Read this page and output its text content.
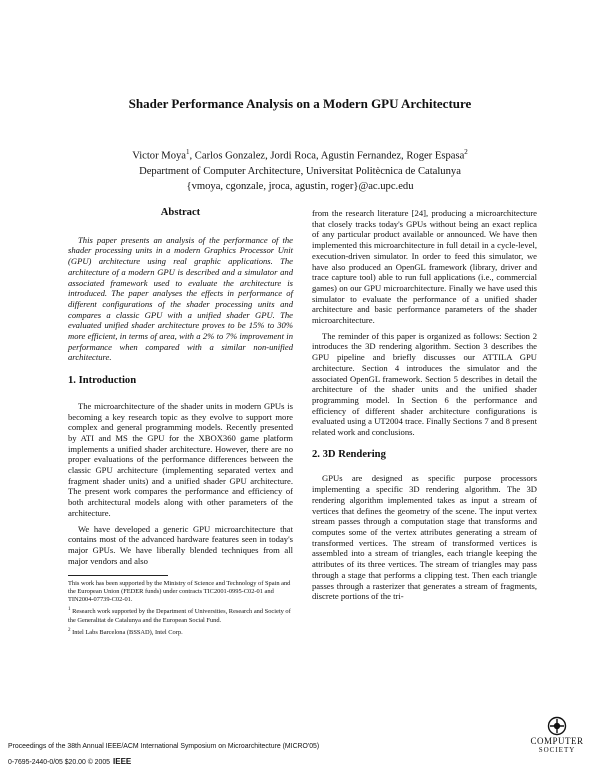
Shader Performance Analysis on a Modern GPU Architecture
Victor Moya$^1$, Carlos Gonzalez, Jordi Roca, Agustin Fernandez, Roger Espasa$^2$
Department of Computer Architecture, Universitat Politècnica de Catalunya
{vmoya, cgonzale, jroca, agustin, roger}@ac.upc.edu
Abstract
This paper presents an analysis of the performance of the shader processing units in a modern Graphics Processor Unit (GPU) architecture using real graphic applications. The architecture of a modern GPU is described and a simulator and associated framework used to evaluate the architecture is introduced. The paper analyses the effects in performance of different configurations of the shader processing units and compares a classic GPU with a unified shader GPU. The evaluated unified shader architecture proves to be 15% to 30% more efficient, in terms of area, with a 2% to 7% improvement in performance when compared with a similar non-unified architecture.
1. Introduction

The microarchitecture of the shader units in modern GPUs is becoming a key research topic as they evolve to support more complex and general programming models. Recently presented by ATI and MS the GPU for the XBOX360 game platform implements a unified shader architecture. However, there are no proper evaluations of the performance differences between the classic GPU architecture (implementing separated vertex and fragment shader units) and a unified shader GPU architecture. The present work compares the performance and efficiency of both architectural models along with other parameters of the architecture.

We have developed a generic GPU microarchitecture that contains most of the advanced hardware features seen in today's major GPUs. We have liberally blended techniques from all major vendors and also

This work has been supported by the Ministry of Science and Technology of Spain and the European Union (FEDER funds) under contracts TIC2001-0995-C02-01 and TIN2004-07739-C02-01.
$^1$ Research work supported by the Department of Universities, Research and Society of the Generalitat de Catalunya and the European Social Fund.
$^2$ Intel Labs Barcelona (BSSAD), Intel Corp.

from the research literature [24], producing a microarchitecture that closely tracks today's GPUs without being an exact replica of any particular product available or announced. We have then implemented this microarchitecture in full detail in a cycle-level, execution-driven simulator. In order to feed this simulator, we have also produced an OpenGL framework (library, driver and trace capture tool) able to run full applications (i.e., commercial games) on our GPU microarchitecture. Finally we have used this simulator to evaluate the performance of a unified shader architecture and basic performance parameters of the shader microarchitecture.

The reminder of this paper is organized as follows: Section 2 introduces the 3D rendering algorithm. Section 3 describes the GPU pipeline and briefly discusses our ATTILA GPU architecture. Section 4 introduces the simulator and the associated OpenGL framework. Section 5 describes in detail the architecture of the shader units and the unified shader programming model. In Section 6 the performance and efficiency of different shader architecture configurations is evaluated using a UT2004 trace. Finally Sections 7 and 8 present related work and conclusions.

2. 3D Rendering

GPUs are designed as specific purpose processors implementing a specific 3D rendering algorithm. The 3D rendering algorithm implemented takes as input a stream of vertices that defines the geometry of the scene. The input vertex stream passes through a computation stage that transforms and computes some of the vertex attributes generating a stream of transformed vertices. The stream of transformed vertices is assembled into a stream of triangles, each triangle keeping the attributes of its three vertices. The stream of triangles may pass through a stage that performs a clipping test. Then each triangle passes through a rasterizer that generates a stream of fragments, discrete portions of the tri-

Proceedings of the 38th Annual IEEE/ACM International Symposium on Microarchitecture (MICRO'05)
0-7695-2440-0/05 $20.00 © 2005 IEEE
COMPUTER
SOCIETY
